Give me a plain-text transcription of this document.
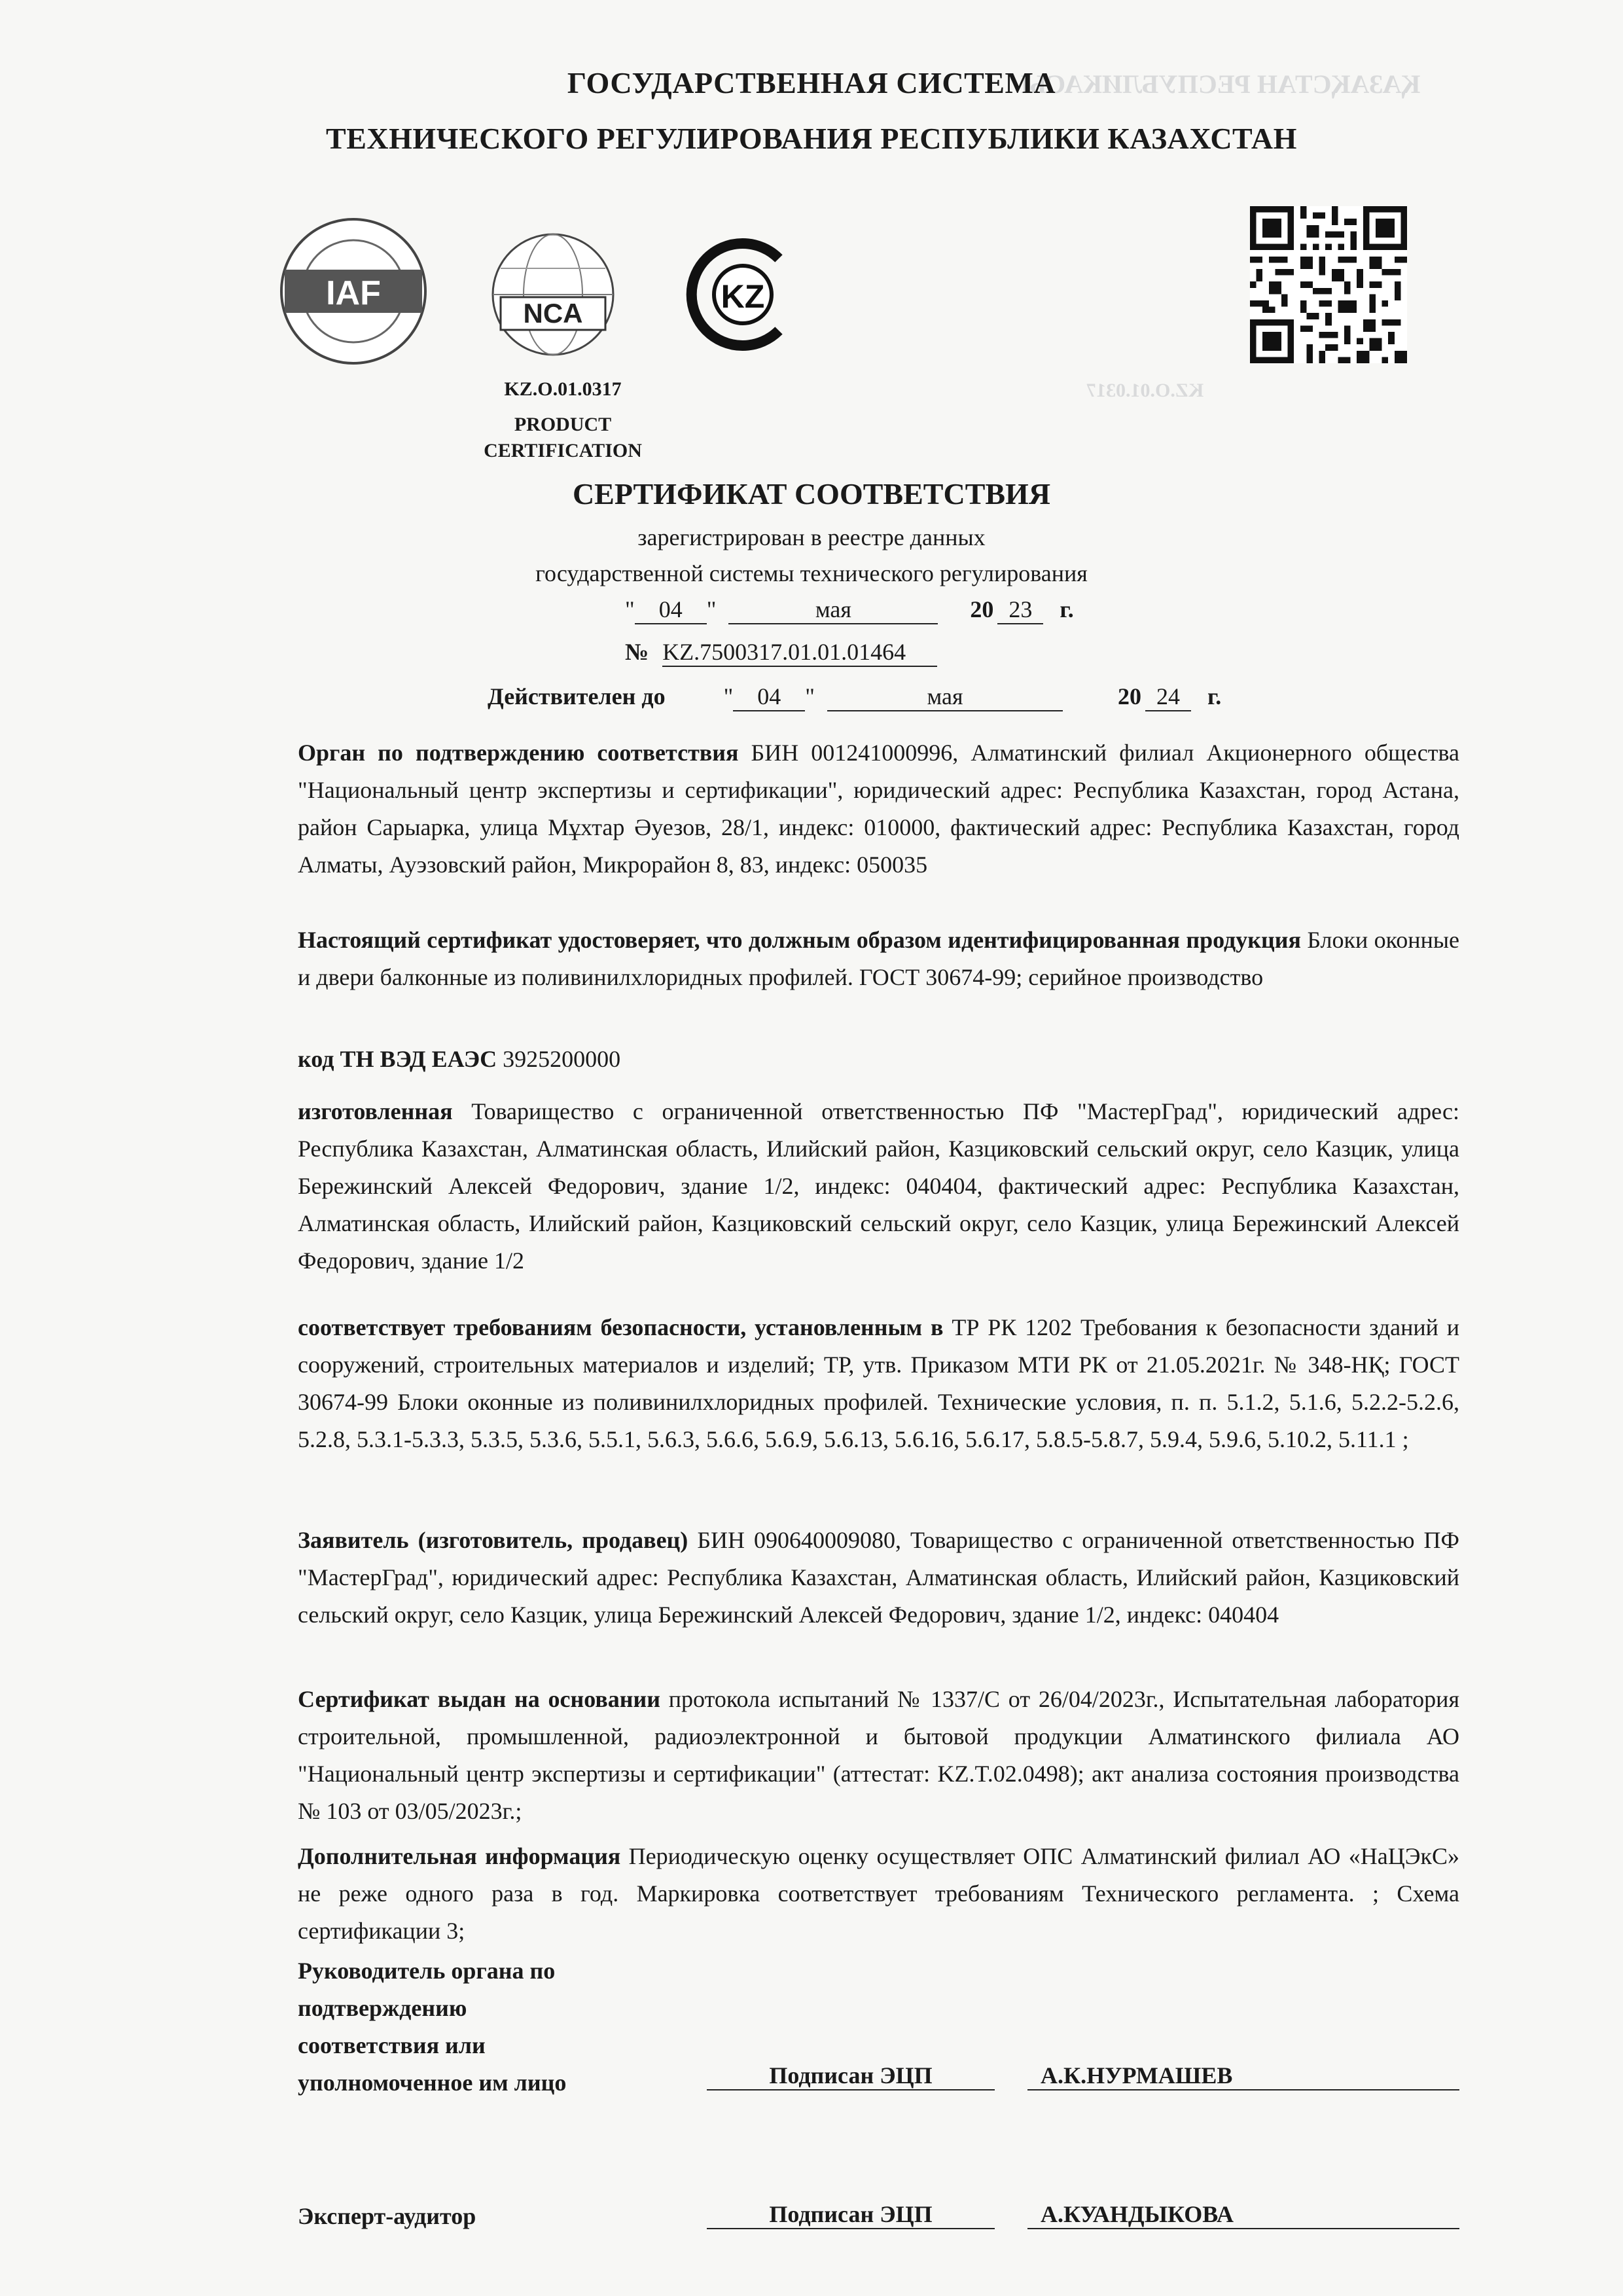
ҚАЗАҚСТАН РЕСПУБЛИКАСЫ
KZ.O.01.0317
ГОСУДАРСТВЕННАЯ СИСТЕМА
ТЕХНИЧЕСКОГО РЕГУЛИРОВАНИЯ РЕСПУБЛИКИ КАЗАХСТАН
IAF
NCA	KZ
KZ.O.01.0317
PRODUCT
CERTIFICATION
СЕРТИФИКАТ СООТВЕТСТВИЯ
зарегистрирован в реестре данных
государственной системы технического регулирования
" 04 "	мая	20 23 г.
№ KZ.7500317.01.01.01464
Действителен до " 04 "	мая	20 24 г.
Орган по подтверждению соответствия БИН 001241000996, Алматинский филиал Акционерного общества "Национальный центр экспертизы и сертификации", юридический адрес: Республика Казахстан, город Астана, район Сарыарка, улица Мұхтар Әуезов, 28/1, индекс: 010000, фактический адрес: Республика Казахстан, город Алматы, Ауэзовский район, Микрорайон 8, 83, индекс: 050035
Настоящий сертификат удостоверяет, что должным образом идентифицированная продукция Блоки оконные и двери балконные из поливинилхлоридных профилей. ГОСТ 30674-99; серийное производство
код ТН ВЭД ЕАЭС 3925200000
изготовленная Товарищество с ограниченной ответственностью ПФ "МастерГрад", юридический адрес: Республика Казахстан, Алматинская область, Илийский район, Казциковский сельский округ, село Казцик, улица Бережинский Алексей Федорович, здание 1/2, индекс: 040404, фактический адрес: Республика Казахстан, Алматинская область, Илийский район, Казциковский сельский округ, село Казцик, улица Бережинский Алексей Федорович, здание 1/2
соответствует требованиям безопасности, установленным в ТР РК 1202 Требования к безопасности зданий и сооружений, строительных материалов и изделий; ТР, утв. Приказом МТИ РК от 21.05.2021г. № 348-НҚ; ГОСТ 30674-99 Блоки оконные из поливинилхлоридных профилей. Технические условия, п. п. 5.1.2, 5.1.6, 5.2.2-5.2.6, 5.2.8, 5.3.1-5.3.3, 5.3.5, 5.3.6, 5.5.1, 5.6.3, 5.6.6, 5.6.9, 5.6.13, 5.6.16, 5.6.17, 5.8.5-5.8.7, 5.9.4, 5.9.6, 5.10.2, 5.11.1 ;
Заявитель (изготовитель, продавец) БИН 090640009080, Товарищество с ограниченной ответственностью ПФ "МастерГрад", юридический адрес: Республика Казахстан, Алматинская область, Илийский район, Казциковский сельский округ, село Казцик, улица Бережинский Алексей Федорович, здание 1/2, индекс: 040404
Сертификат выдан на основании протокола испытаний № 1337/С от 26/04/2023г., Испытательная лаборатория строительной, промышленной, радиоэлектронной и бытовой продукции Алматинского филиала АО "Национальный центр экспертизы и сертификации" (аттестат: KZ.T.02.0498); акт анализа состояния производства № 103 от 03/05/2023г.;
Дополнительная информация Периодическую оценку осуществляет ОПС Алматинский филиал АО «НаЦЭкС» не реже одного раза в год. Маркировка соответствует требованиям Технического регламента. ; Схема сертификации 3;
Руководитель органа по
подтверждению
соответствия или
уполномоченное им лицо	Подписан ЭЦП	А.К.НУРМАШЕВ
Эксперт-аудитор	Подписан ЭЦП	А.КУАНДЫКОВА
